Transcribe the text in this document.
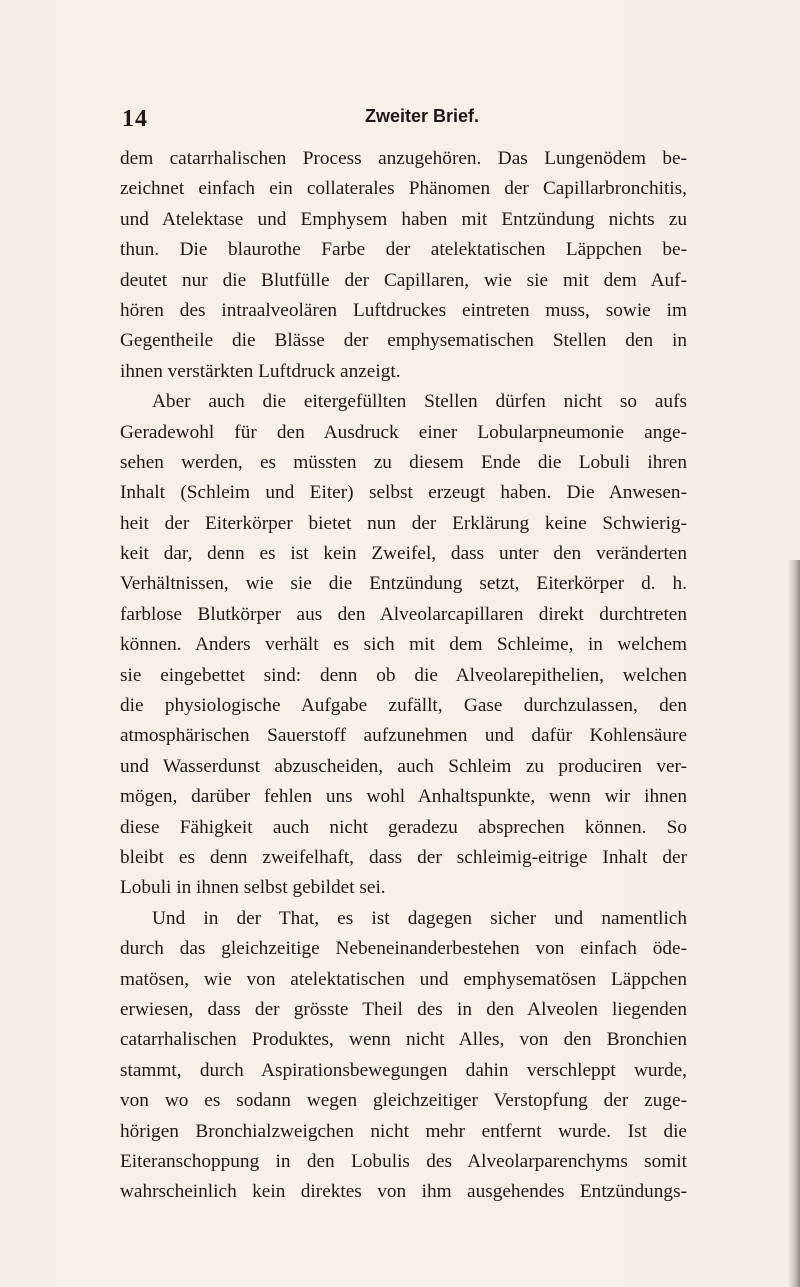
14	Zweiter Brief.
dem catarrhalischen Process anzugehören. Das Lungenödem be-
zeichnet einfach ein collaterales Phänomen der Capillarbronchitis,
und Atelektase und Emphysem haben mit Entzündung nichts zu
thun. Die blaurothe Farbe der atelektatischen Läppchen be-
deutet nur die Blutfülle der Capillaren, wie sie mit dem Auf-
hören des intraalveolären Luftdruckes eintreten muss, sowie im
Gegentheile die Blässe der emphysematischen Stellen den in
ihnen verstärkten Luftdruck anzeigt.
Aber auch die eitergefüllten Stellen dürfen nicht so aufs
Geradewohl für den Ausdruck einer Lobularpneumonie ange-
sehen werden, es müssten zu diesem Ende die Lobuli ihren
Inhalt (Schleim und Eiter) selbst erzeugt haben. Die Anwesen-
heit der Eiterkörper bietet nun der Erklärung keine Schwierig-
keit dar, denn es ist kein Zweifel, dass unter den veränderten
Verhältnissen, wie sie die Entzündung setzt, Eiterkörper d. h.
farblose Blutkörper aus den Alveolarcapillaren direkt durchtreten
können. Anders verhält es sich mit dem Schleime, in welchem
sie eingebettet sind: denn ob die Alveolarepithelien, welchen
die physiologische Aufgabe zufällt, Gase durchzulassen, den
atmosphärischen Sauerstoff aufzunehmen und dafür Kohlensäure
und Wasserdunst abzuscheiden, auch Schleim zu produciren ver-
mögen, darüber fehlen uns wohl Anhaltspunkte, wenn wir ihnen
diese Fähigkeit auch nicht geradezu absprechen können. So
bleibt es denn zweifelhaft, dass der schleimig-eitrige Inhalt der
Lobuli in ihnen selbst gebildet sei.
Und in der That, es ist dagegen sicher und namentlich
durch das gleichzeitige Nebeneinanderbestehen von einfach öde-
matösen, wie von atelektatischen und emphysematösen Läppchen
erwiesen, dass der grösste Theil des in den Alveolen liegenden
catarrhalischen Produktes, wenn nicht Alles, von den Bronchien
stammt, durch Aspirationsbewegungen dahin verschleppt wurde,
von wo es sodann wegen gleichzeitiger Verstopfung der zuge-
hörigen Bronchialzweigchen nicht mehr entfernt wurde. Ist die
Eiteranschoppung in den Lobulis des Alveolarparenchyms somit
wahrscheinlich kein direktes von ihm ausgehendes Entzündungs-
